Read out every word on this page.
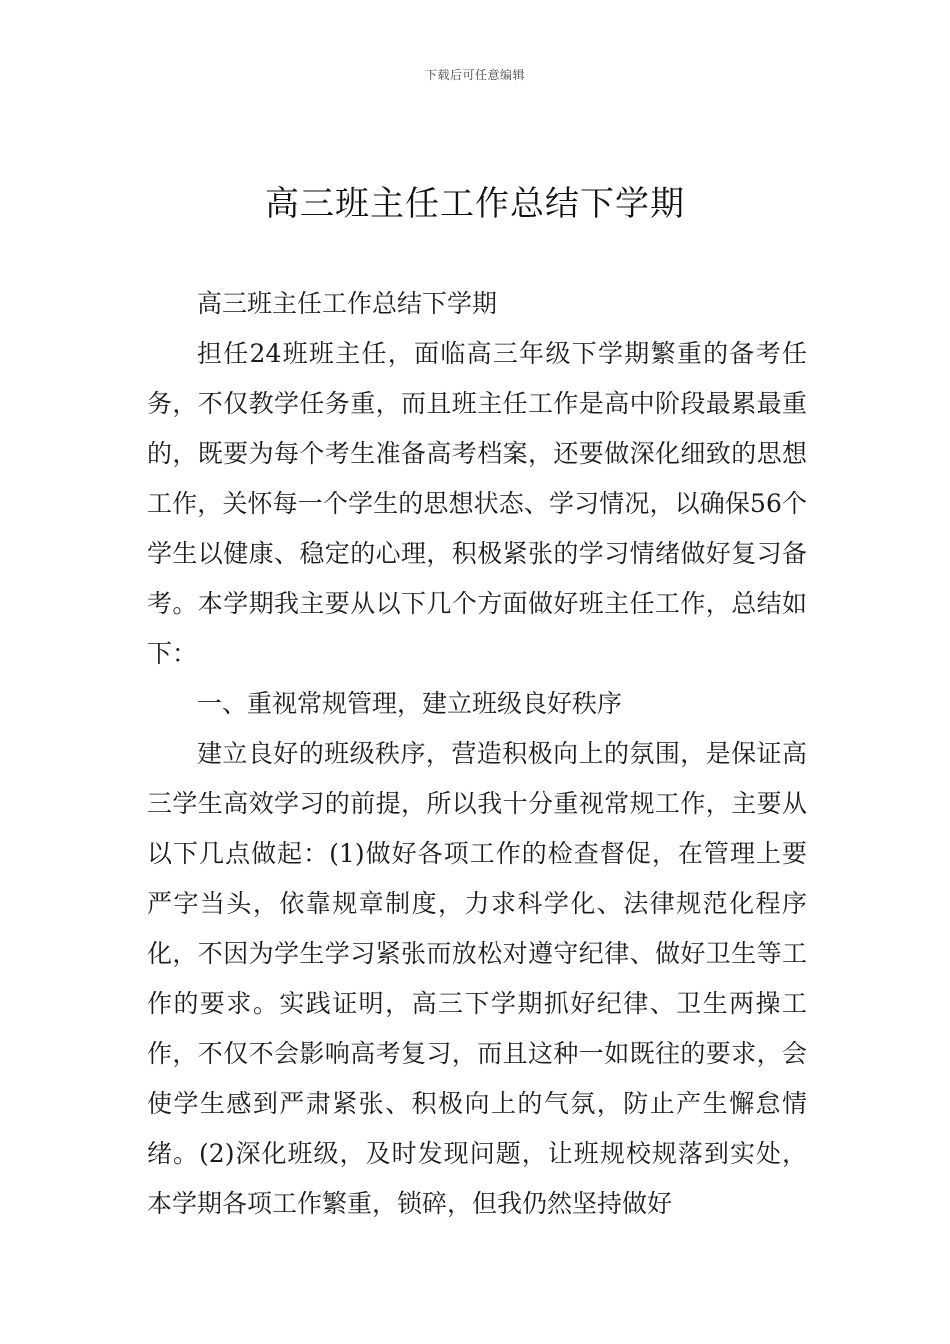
下载后可任意编辑
高三班主任工作总结下学期

高三班主任工作总结下学期

担任24班班主任，面临高三年级下学期繁重的备考任务，不仅教学任务重，而且班主任工作是高中阶段最累最重的，既要为每个考生准备高考档案，还要做深化细致的思想工作，关怀每一个学生的思想状态、学习情况，以确保56个学生以健康、稳定的心理，积极紧张的学习情绪做好复习备考。本学期我主要从以下几个方面做好班主任工作，总结如下：

一、重视常规管理，建立班级良好秩序

建立良好的班级秩序，营造积极向上的氛围，是保证高三学生高效学习的前提，所以我十分重视常规工作，主要从以下几点做起：(1)做好各项工作的检查督促，在管理上要严字当头，依靠规章制度，力求科学化、法律规范化程序化，不因为学生学习紧张而放松对遵守纪律、做好卫生等工作的要求。实践证明，高三下学期抓好纪律、卫生两操工作，不仅不会影响高考复习，而且这种一如既往的要求，会使学生感到严肃紧张、积极向上的气氛，防止产生懈怠情绪。(2)深化班级，及时发现问题，让班规校规落到实处，本学期各项工作繁重，锁碎，但我仍然坚持做好
